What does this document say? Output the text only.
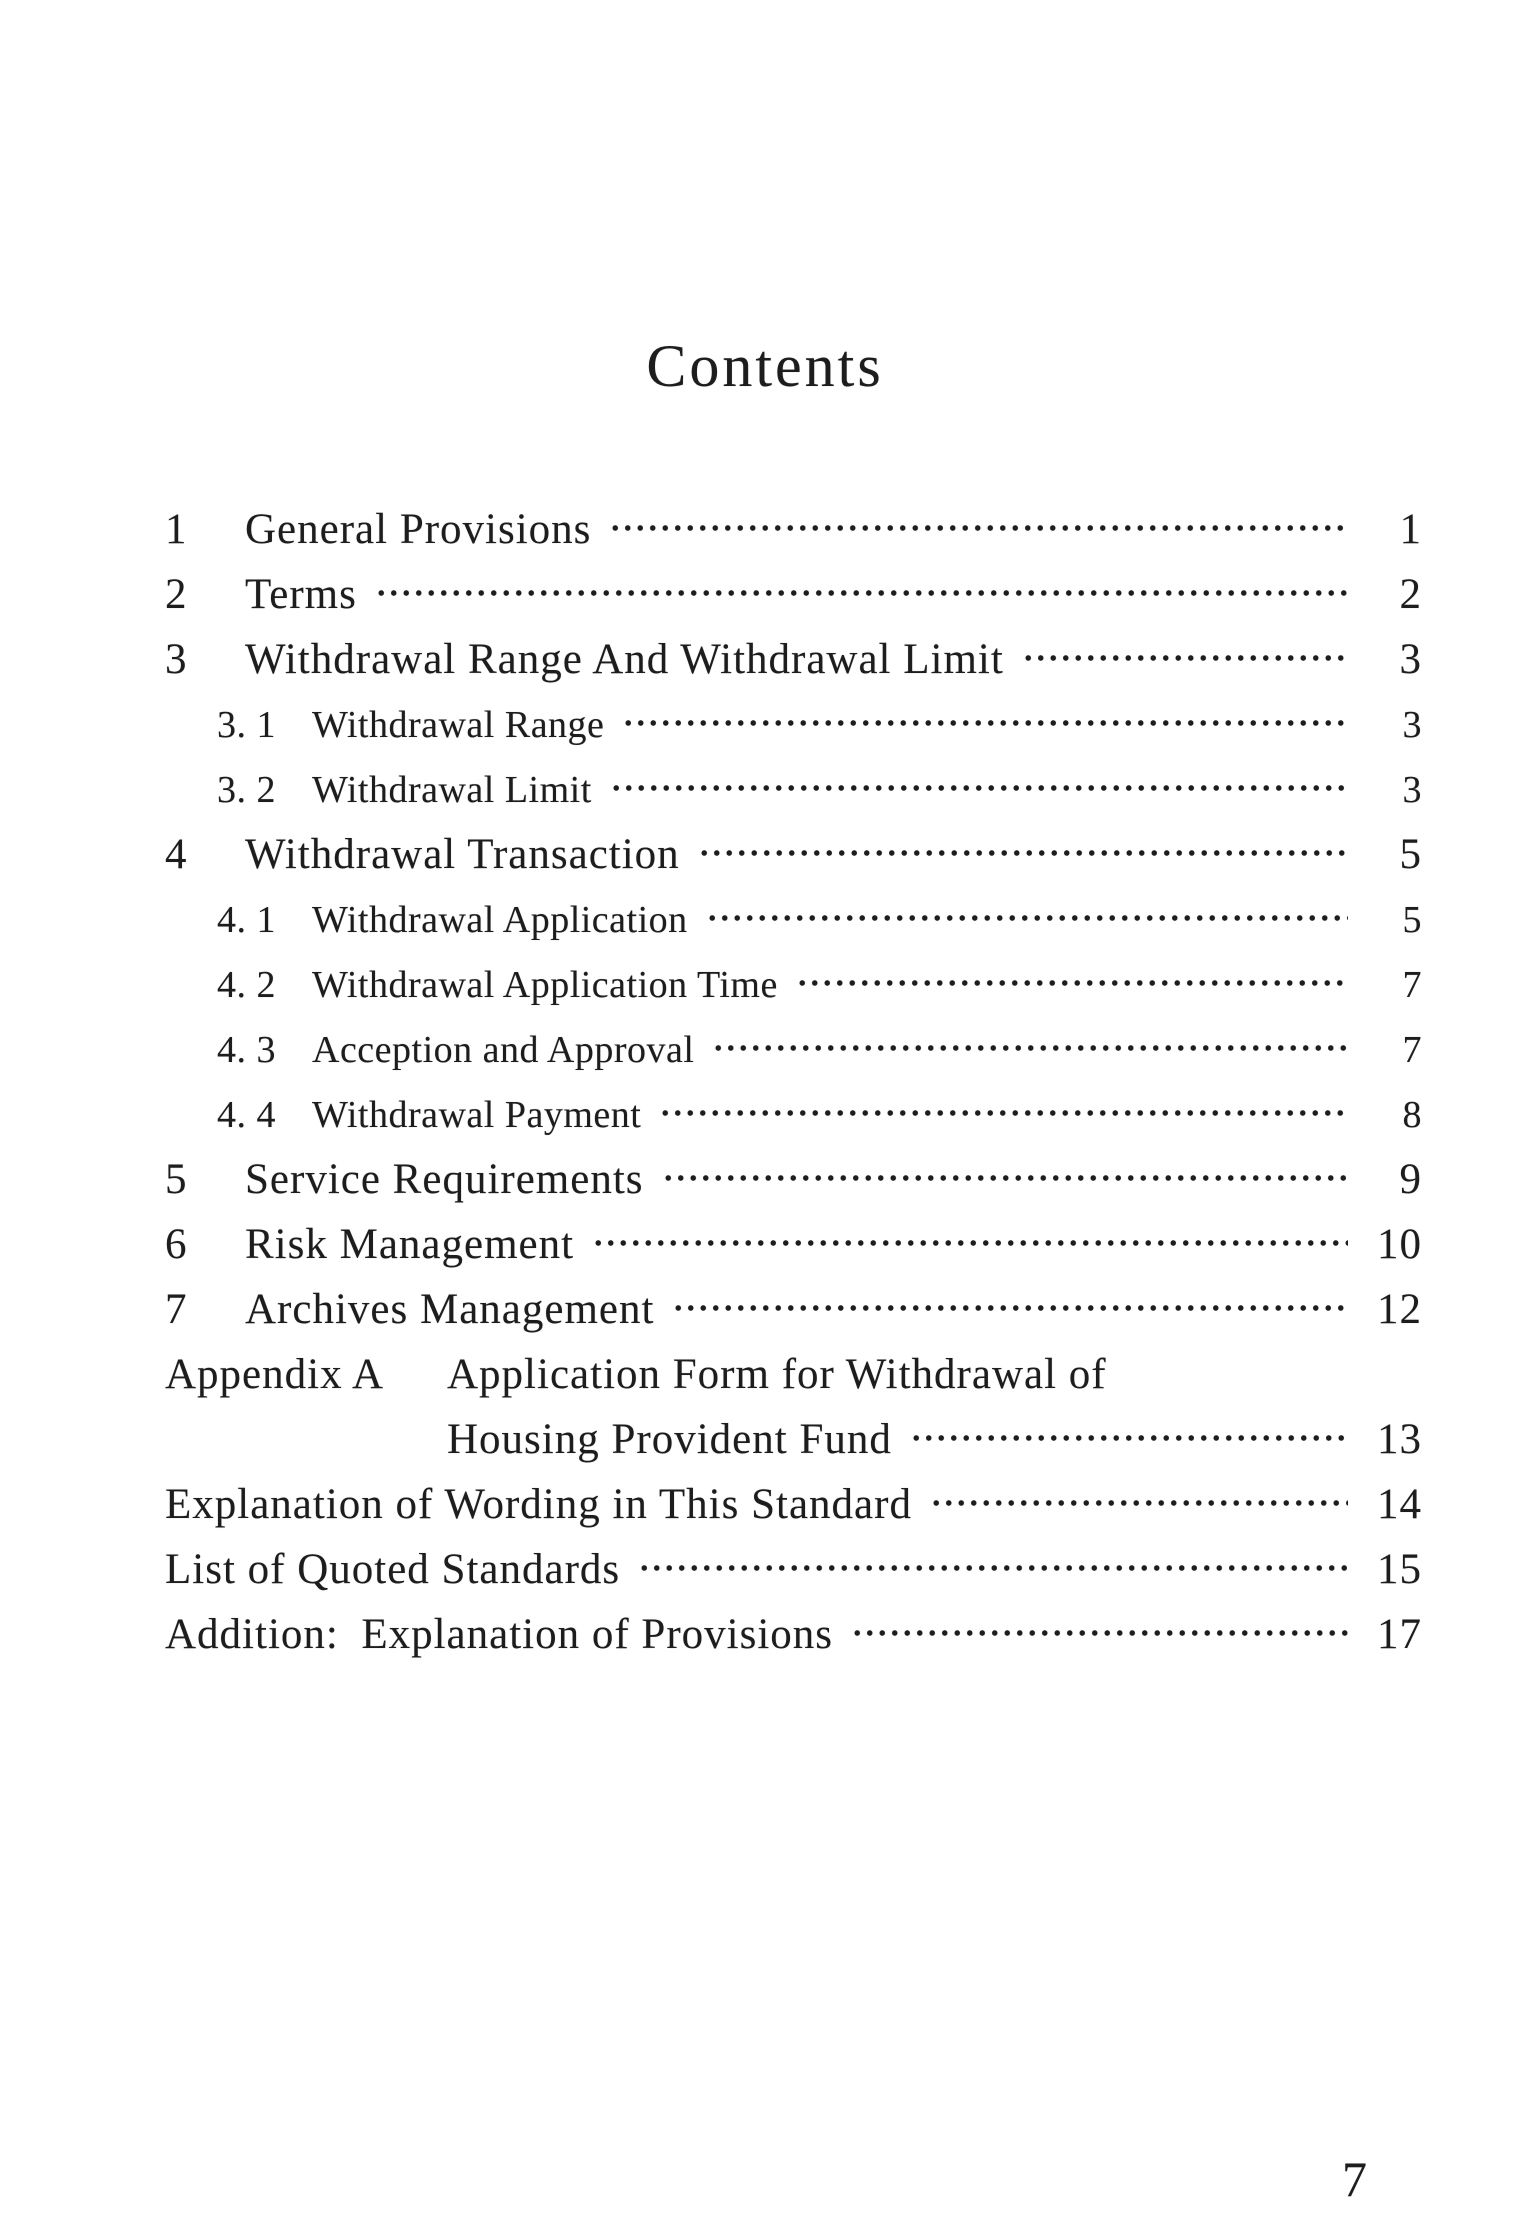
Contents
1	General Provisions	1
2	Terms	2
3	Withdrawal Range And Withdrawal Limit	3
3. 1 Withdrawal Range	3
3. 2 Withdrawal Limit	3
4	Withdrawal Transaction	5
4. 1 Withdrawal Application	5
4. 2 Withdrawal Application Time	7
4. 3 Acception and Approval	7
4. 4 Withdrawal Payment	8
5	Service Requirements	9
6	Risk Management	10
7	Archives Management	12
Appendix A	Application Form for Withdrawal of
Housing Provident Fund	13
Explanation of Wording in This Standard	14
List of Quoted Standards	15
Addition: Explanation of Provisions	17
7
